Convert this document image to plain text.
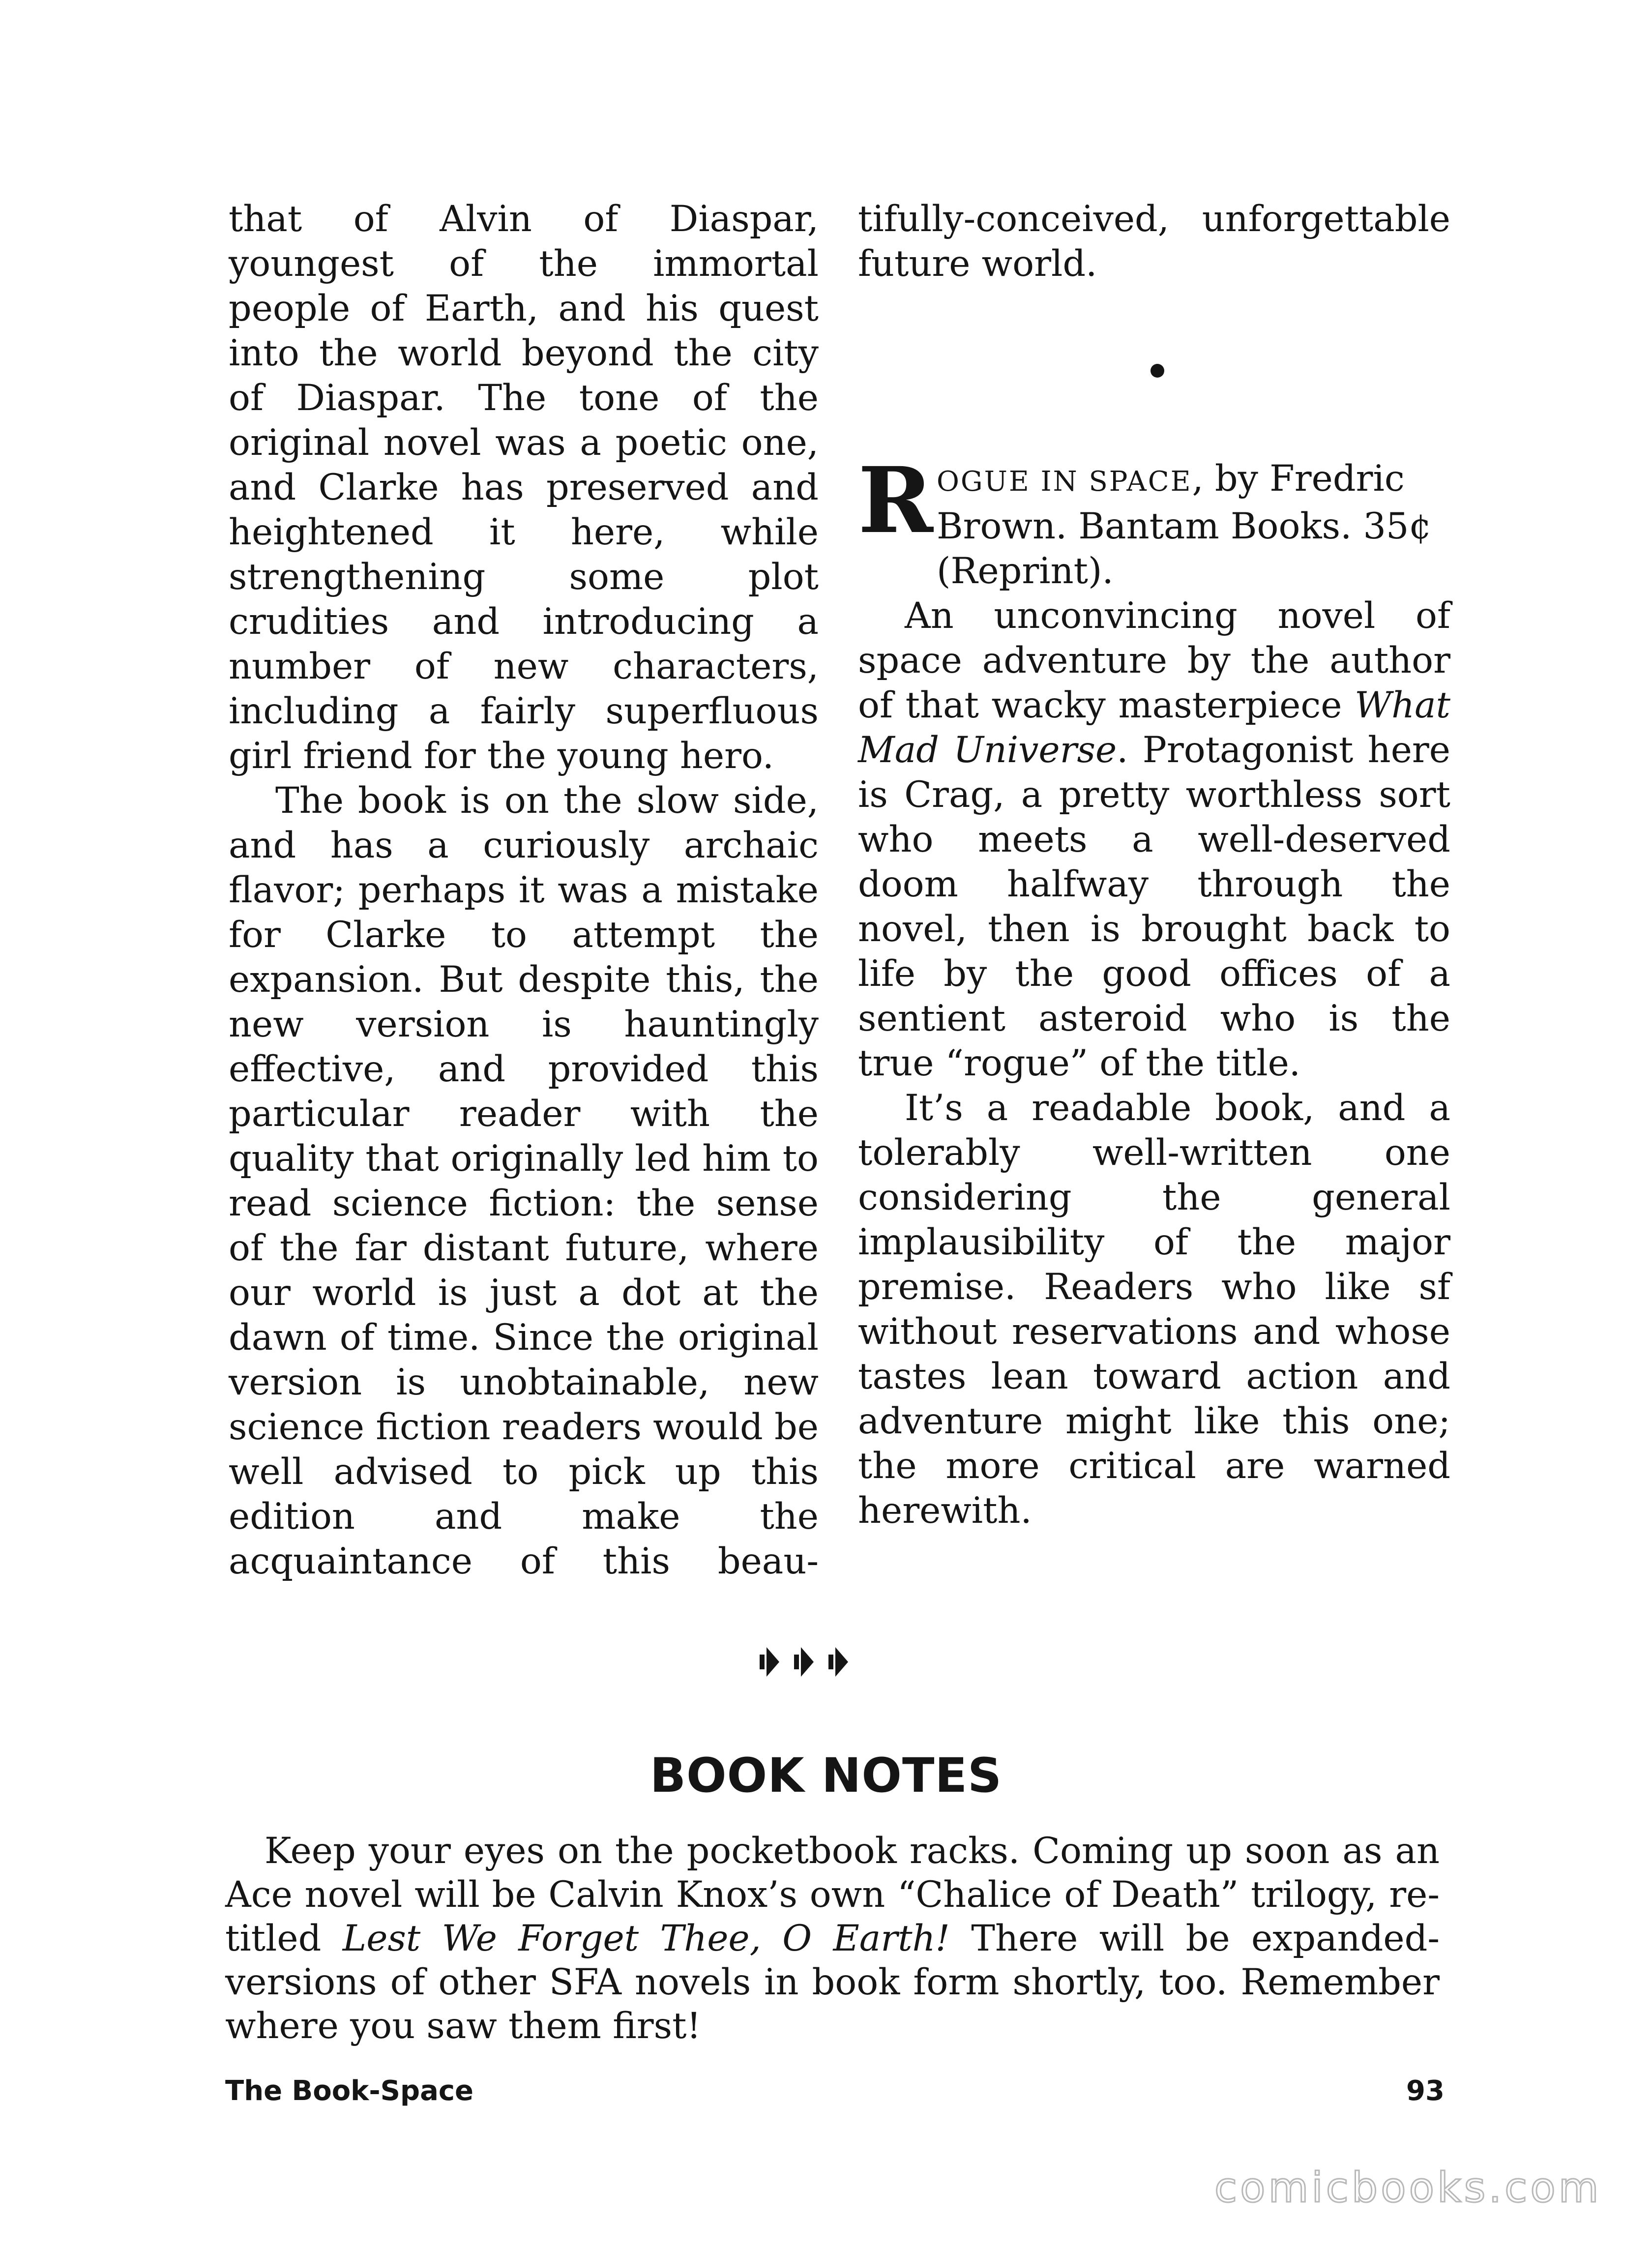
that of Alvin of Diaspar, youngest of the immortal people of Earth, and his quest into the world beyond the city of Diaspar. The tone of the original novel was a poetic one, and Clarke has preserved and heightened it here, while strengthening some plot crudities and introducing a number of new characters, including a fairly superfluous girl friend for the young hero.

The book is on the slow side, and has a curiously archaic flavor; perhaps it was a mistake for Clarke to attempt the expansion. But despite this, the new version is hauntingly effective, and provided this particular reader with the quality that originally led him to read science fiction: the sense of the far distant future, where our world is just a dot at the dawn of time. Since the original version is unobtainable, new science fiction readers would be well advised to pick up this edition and make the acquaintance of this beau-

tifully-conceived, unforgettable future world.

R OGUE IN SPACE, by Fredric Brown. Bantam Books. 35¢ (Reprint).

An unconvincing novel of space adventure by the author of that wacky masterpiece What Mad Universe. Protagonist here is Crag, a pretty worthless sort who meets a well-deserved doom halfway through the novel, then is brought back to life by the good offices of a sentient asteroid who is the true “rogue” of the title.

It’s a readable book, and a tolerably well-written one considering the general implausibility of the major premise. Readers who like sf without reservations and whose tastes lean toward action and adventure might like this one; the more critical are warned herewith.

BOOK NOTES

Keep your eyes on the pocketbook racks. Coming up soon as an Ace novel will be Calvin Knox’s own “Chalice of Death” trilogy, re-titled Lest We Forget Thee, O Earth! There will be expanded-versions of other SFA novels in book form shortly, too. Remember where you saw them first!

The Book-Space	93
comicbooks.com
